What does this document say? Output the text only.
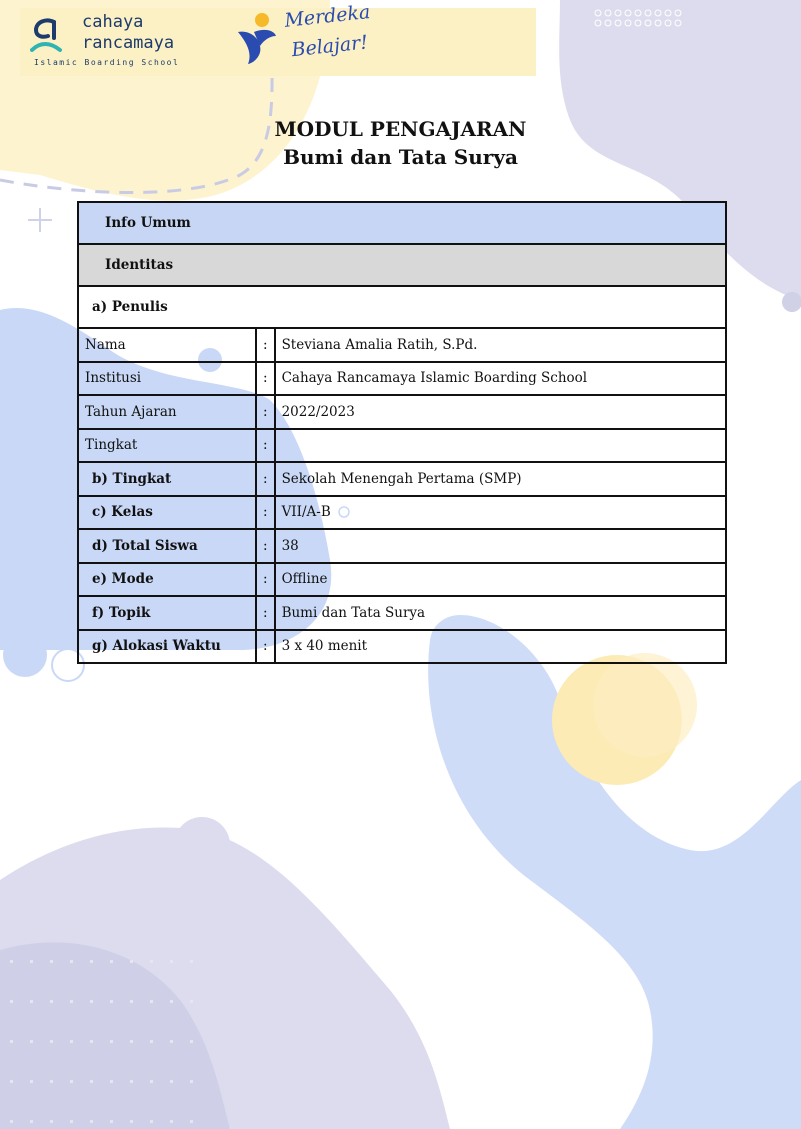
cahaya
rancamaya
Islamic Boarding School
Merdeka
Belajar!
MODUL PENGAJARAN
Bumi dan Tata Surya
Info Umum		
Identitas		
a) Penulis		
Nama	:	Steviana Amalia Ratih, S.Pd.
Institusi	:	Cahaya Rancamaya Islamic Boarding School
Tahun Ajaran	:	2022/2023
Tingkat	:	
b) Tingkat	:	Sekolah Menengah Pertama (SMP)
c) Kelas	:	VII/A-B
d) Total Siswa	:	38
e) Mode	:	Offline
f) Topik	:	Bumi dan Tata Surya
g) Alokasi Waktu	:	3 x 40 menit
